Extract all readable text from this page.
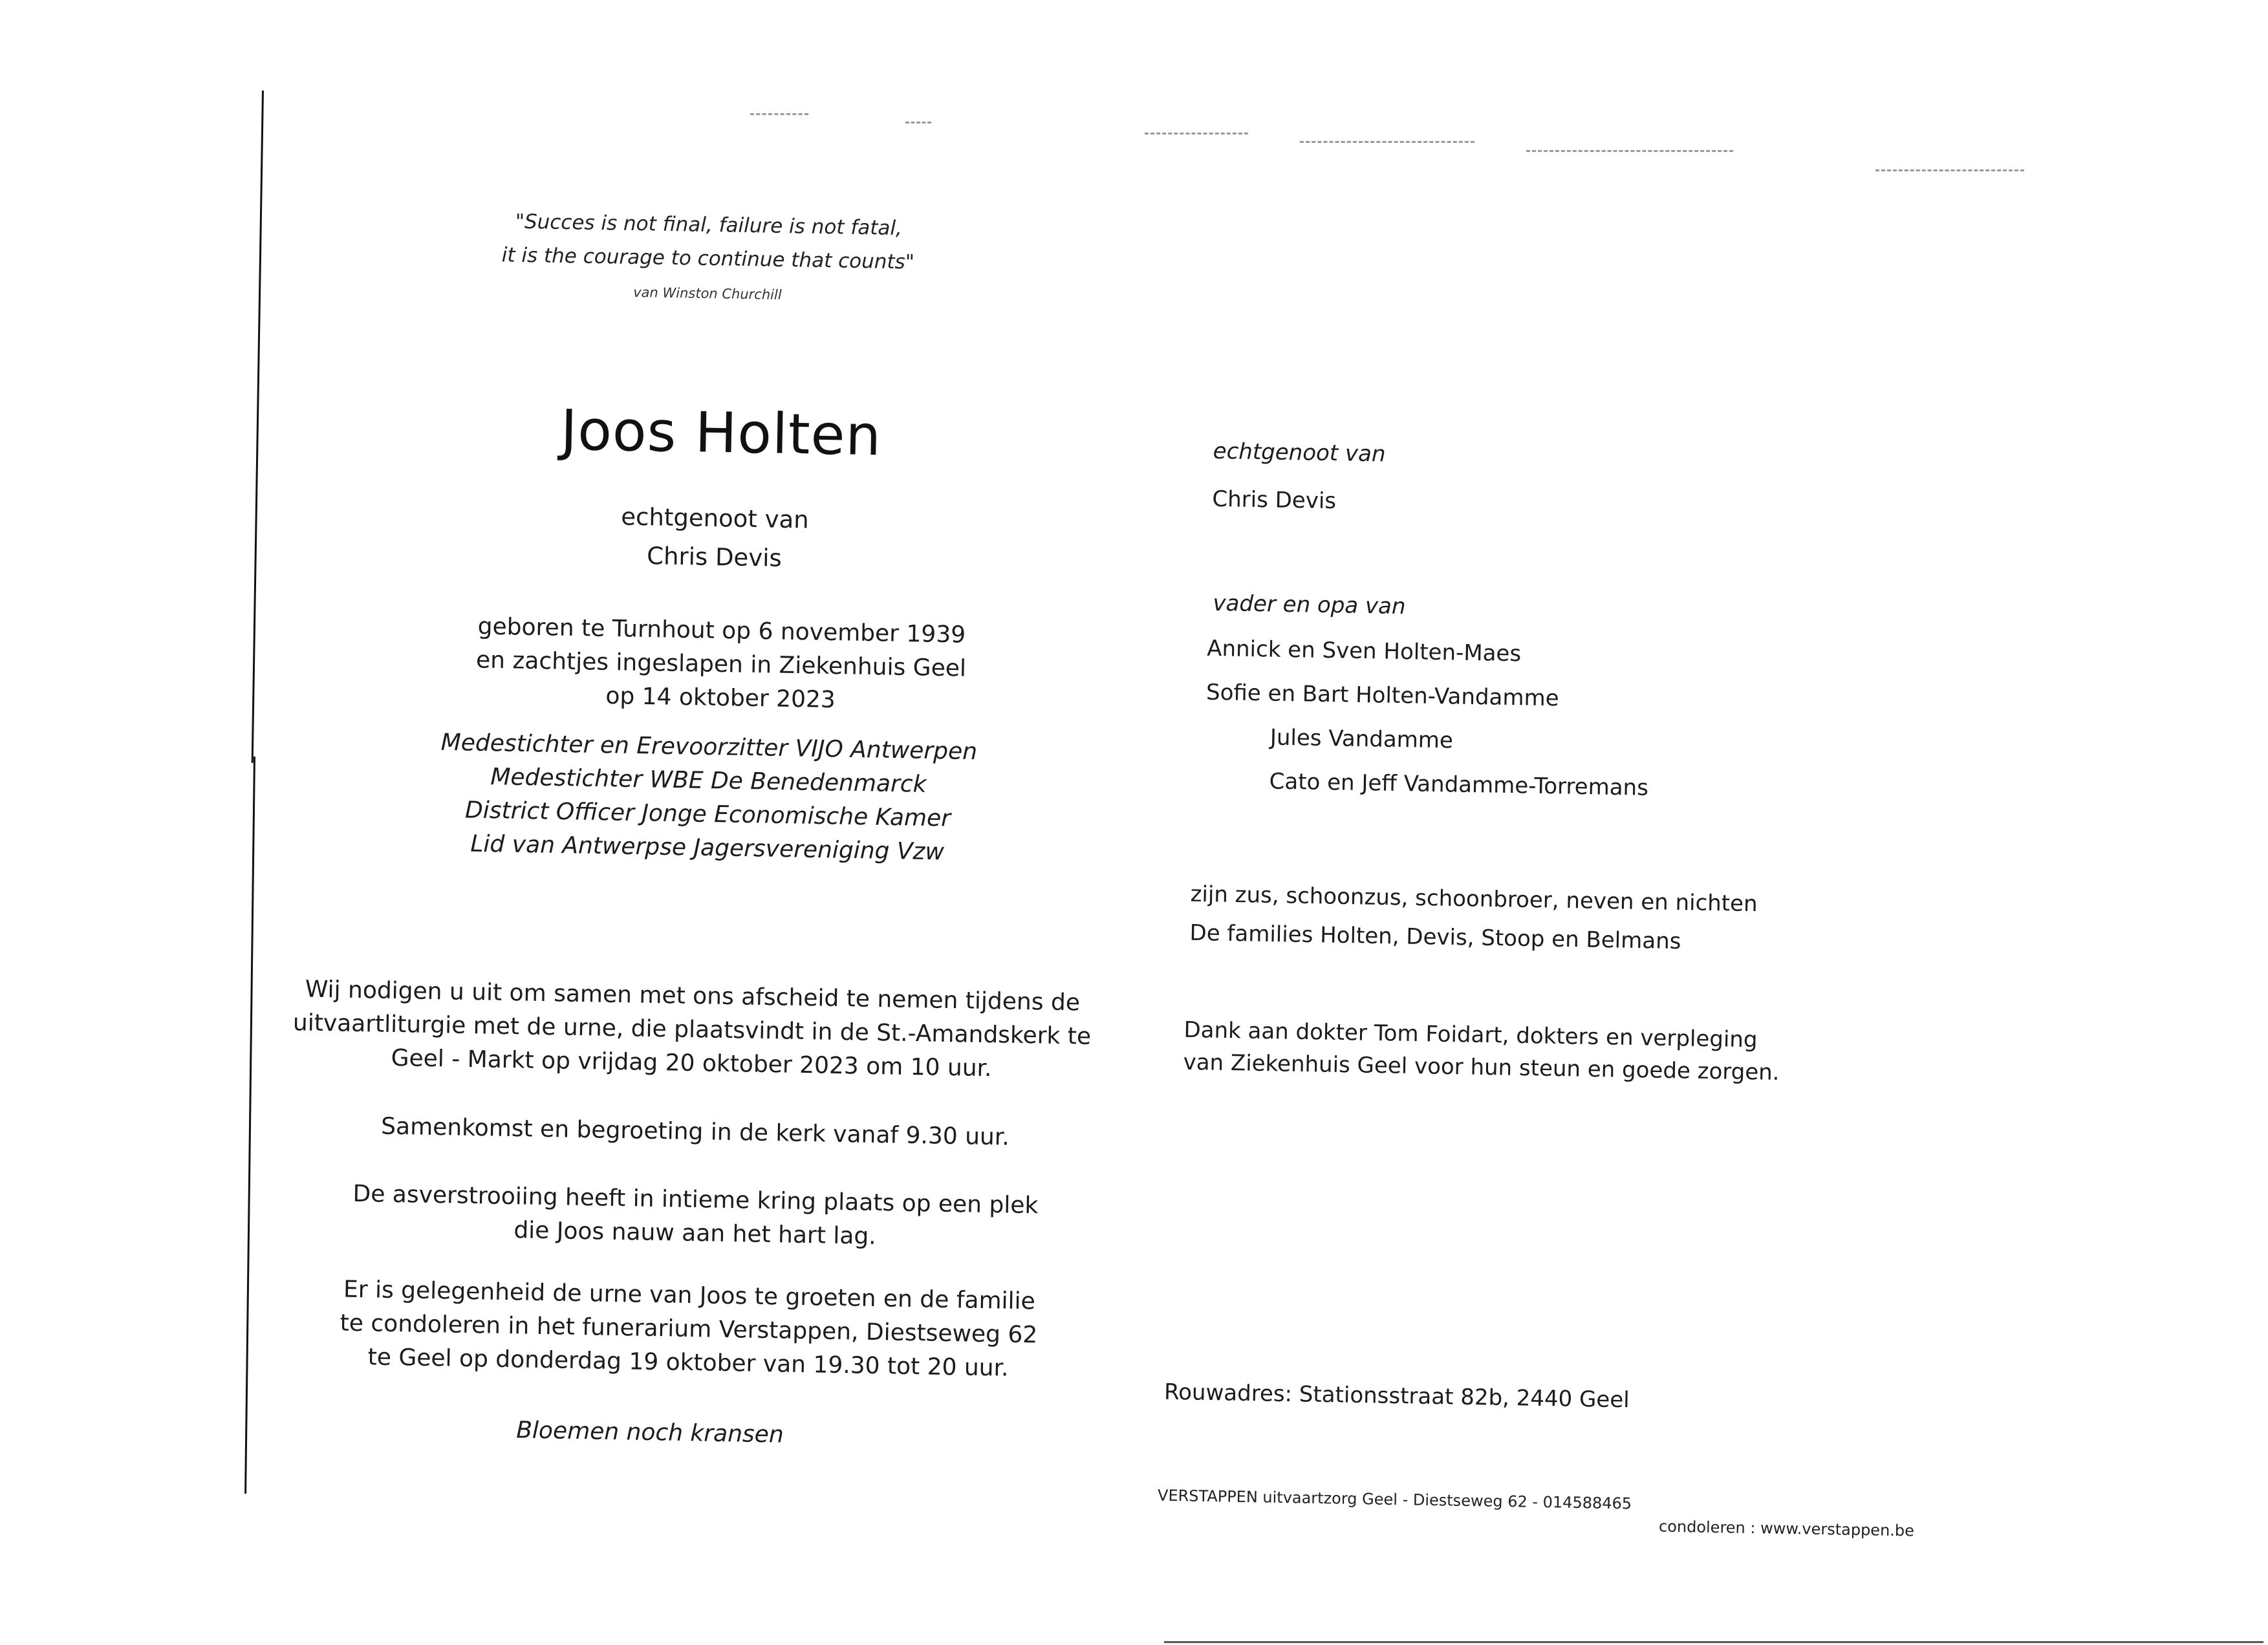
"Succes is not final, failure is not fatal,
it is the courage to continue that counts"
van Winston Churchill
Joos Holten
echtgenoot van
Chris Devis

geboren te Turnhout op 6 november 1939

en zachtjes ingeslapen in Ziekenhuis Geel

op 14 oktober 2023

Medestichter en Erevoorzitter VIJO Antwerpen

Medestichter WBE De Benedenmarck

District Officer Jonge Economische Kamer

Lid van Antwerpse Jagersvereniging Vzw

Wij nodigen u uit om samen met ons afscheid te nemen tijdens de

uitvaartliturgie met de urne, die plaatsvindt in de St.-Amandskerk te

Geel - Markt op vrijdag 20 oktober 2023 om 10 uur.

Samenkomst en begroeting in de kerk vanaf 9.30 uur.

De asverstrooiing heeft in intieme kring plaats op een plek

die Joos nauw aan het hart lag.

Er is gelegenheid de urne van Joos te groeten en de familie

te condoleren in het funerarium Verstappen, Diestseweg 62

te Geel op donderdag 19 oktober van 19.30 tot 20 uur.

Bloemen noch kransen

echtgenoot van

Chris Devis

vader en opa van

Annick en Sven Holten-Maes

Sofie en Bart Holten-Vandamme

Jules Vandamme

Cato en Jeff Vandamme-Torremans

zijn zus, schoonzus, schoonbroer, neven en nichten

De families Holten, Devis, Stoop en Belmans

Dank aan dokter Tom Foidart, dokters en verpleging

van Ziekenhuis Geel voor hun steun en goede zorgen.

Rouwadres: Stationsstraat 82b, 2440 Geel

VERSTAPPEN uitvaartzorg Geel - Diestseweg 62 - 014588465
condoleren : www.verstappen.be
